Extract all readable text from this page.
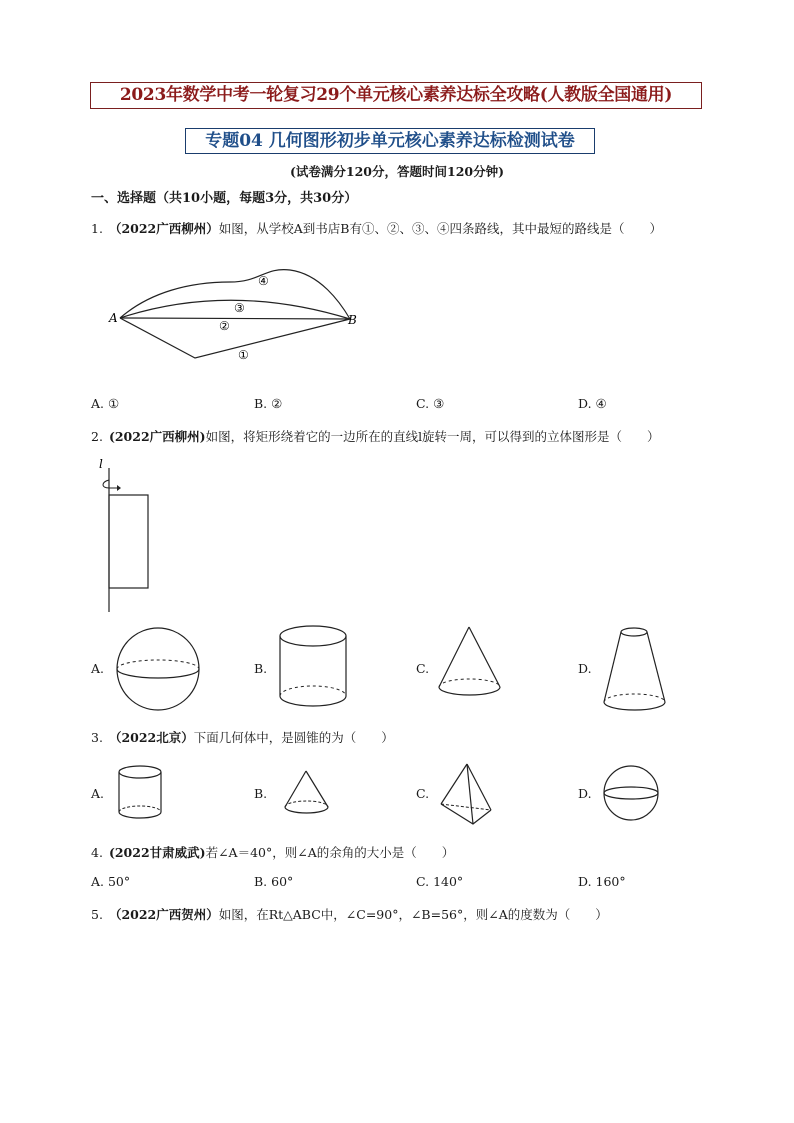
2023年数学中考一轮复习29个单元核心素养达标全攻略(人教版全国通用)
专题04 几何图形初步单元核心素养达标检测试卷
(试卷满分120分，答题时间120分钟)
一、选择题（共10小题，每题3分，共30分）
1. （2022广西柳州）如图，从学校A到书店B有①、②、③、④四条路线，其中最短的路线是（　　）
A	B
④
③
②
①
A. ①	B. ②	C. ③	D. ④
2. (2022广西柳州)如图，将矩形绕着它的一边所在的直线l旋转一周，可以得到的立体图形是（　　）
l
A.	B.	C.	D.
3. （2022北京）下面几何体中，是圆锥的为（　　）
A.	B.	C.	D.
4. (2022甘肃威武)若∠A＝40°，则∠A的余角的大小是（　　）
A. 50°	B. 60°	C. 140°	D. 160°
5. （2022广西贺州）如图，在Rt△ABC中，∠C=90°，∠B=56°，则∠A的度数为（　　）
